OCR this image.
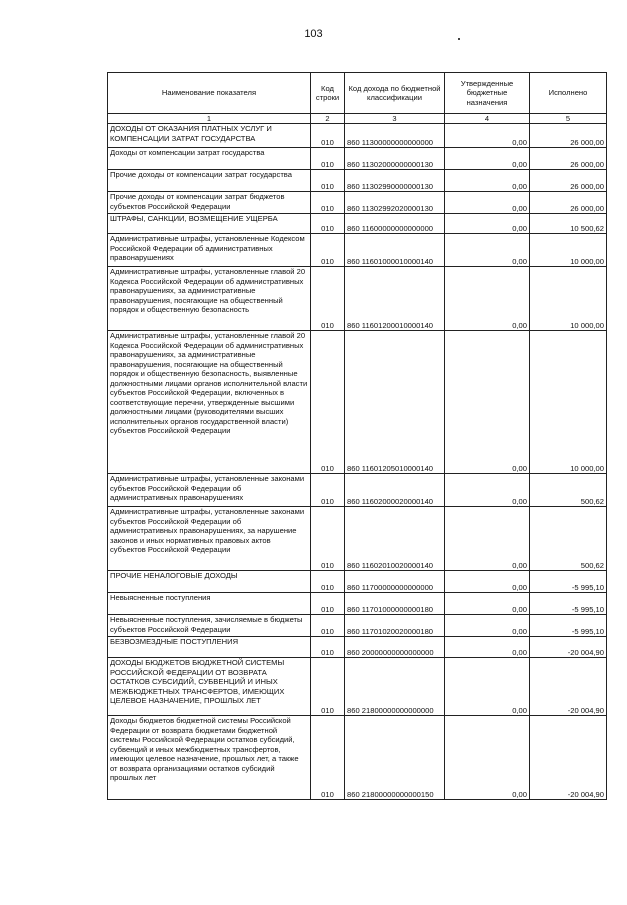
103
Наименование показателя	Код строки	Код дохода по бюджетной классификации	Утвержденные бюджетные назначения	Исполнено
1	2	3	4	5
ДОХОДЫ ОТ ОКАЗАНИЯ ПЛАТНЫХ УСЛУГ И КОМПЕНСАЦИИ ЗАТРАТ ГОСУДАРСТВА	010	860 11300000000000000	0,00	26 000,00
Доходы от компенсации затрат государства	010	860 11302000000000130	0,00	26 000,00
Прочие доходы от компенсации затрат государства	010	860 11302990000000130	0,00	26 000,00
Прочие доходы от компенсации затрат бюджетов субъектов Российской Федерации	010	860 11302992020000130	0,00	26 000,00
ШТРАФЫ, САНКЦИИ, ВОЗМЕЩЕНИЕ УЩЕРБА	010	860 11600000000000000	0,00	10 500,62
Административные штрафы, установленные Кодексом Российской Федерации об административных правонарушениях	010	860 11601000010000140	0,00	10 000,00
Административные штрафы, установленные главой 20 Кодекса Российской Федерации об административных правонарушениях, за административные правонарушения, посягающие на общественный порядок и общественную безопасность	010	860 11601200010000140	0,00	10 000,00
Административные штрафы, установленные главой 20 Кодекса Российской Федерации об административных правонарушениях, за административные правонарушения, посягающие на общественный порядок и общественную безопасность, выявленные должностными лицами органов исполнительной власти субъектов Российской Федерации, включенных в соответствующие перечни, утвержденные высшими должностными лицами (руководителями высших исполнительных органов государственной власти) субъектов Российской Федерации	010	860 11601205010000140	0,00	10 000,00
Административные штрафы, установленные законами субъектов Российской Федерации об административных правонарушениях	010	860 11602000020000140	0,00	500,62
Административные штрафы, установленные законами субъектов Российской Федерации об административных правонарушениях, за нарушение законов и иных нормативных правовых актов субъектов Российской Федерации	010	860 11602010020000140	0,00	500,62
ПРОЧИЕ НЕНАЛОГОВЫЕ ДОХОДЫ	010	860 11700000000000000	0,00	-5 995,10
Невыясненные поступления	010	860 11701000000000180	0,00	-5 995,10
Невыясненные поступления, зачисляемые в бюджеты субъектов Российской Федерации	010	860 11701020020000180	0,00	-5 995,10
БЕЗВОЗМЕЗДНЫЕ ПОСТУПЛЕНИЯ	010	860 20000000000000000	0,00	-20 004,90
ДОХОДЫ БЮДЖЕТОВ БЮДЖЕТНОЙ СИСТЕМЫ РОССИЙСКОЙ ФЕДЕРАЦИИ ОТ ВОЗВРАТА ОСТАТКОВ СУБСИДИЙ, СУБВЕНЦИЙ И ИНЫХ МЕЖБЮДЖЕТНЫХ ТРАНСФЕРТОВ, ИМЕЮЩИХ ЦЕЛЕВОЕ НАЗНАЧЕНИЕ, ПРОШЛЫХ ЛЕТ	010	860 21800000000000000	0,00	-20 004,90
Доходы бюджетов бюджетной системы Российской Федерации от возврата бюджетами бюджетной системы Российской Федерации остатков субсидий, субвенций и иных межбюджетных трансфертов, имеющих целевое назначение, прошлых лет, а также от возврата организациями остатков субсидий прошлых лет	010	860 21800000000000150	0,00	-20 004,90
